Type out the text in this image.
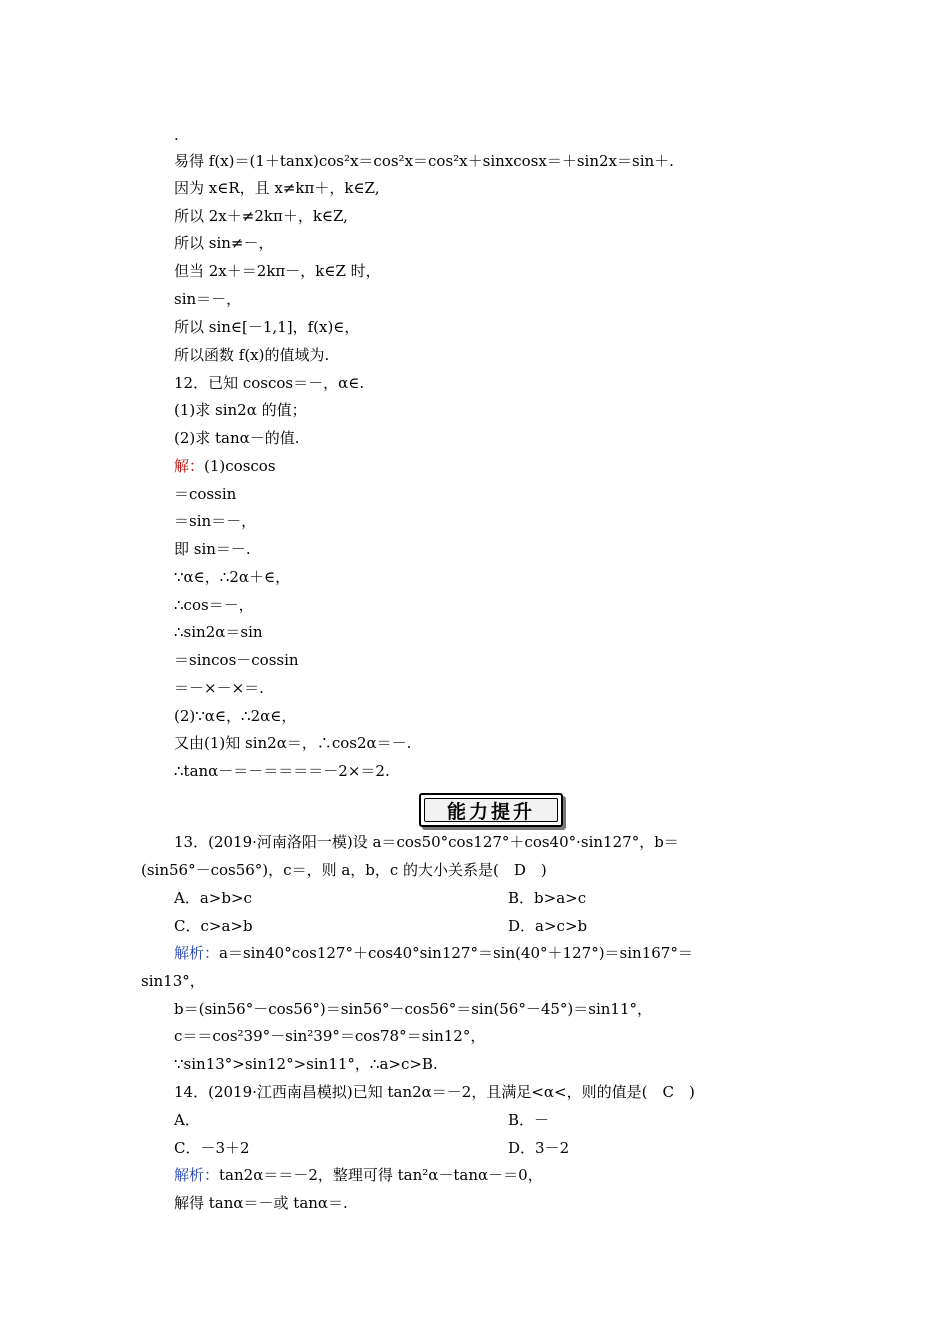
.
易得 f(x)＝(1＋tanx)cos²x＝cos²x＝cos²x＋sinxcosx＝＋sin2x＝sin＋.
因为 x∈R，且 x≠kπ＋，k∈Z,
所以 2x＋≠2kπ＋，k∈Z,
所以 sin≠－，
但当 2x＋＝2kπ－，k∈Z 时，
sin＝－，
所以 sin∈[－1,1]，f(x)∈，
所以函数 f(x)的值域为.
12．已知 coscos＝－，α∈.
(1)求 sin2α 的值；
(2)求 tanα－的值.
解：(1)coscos
＝cossin
＝sin＝－，
即 sin＝－.
∵α∈，∴2α＋∈，
∴cos＝－，
∴sin2α＝sin
＝sincos－cossin
＝－×－×＝.
(2)∵α∈，∴2α∈，
又由(1)知 sin2α＝，∴cos2α＝－.
∴tanα－＝－＝＝＝＝－2×＝2.
能力提升
13．(2019·河南洛阳一模)设 a＝cos50°cos127°＋cos40°·sin127°，b＝
(sin56°－cos56°)，c＝，则 a，b，c 的大小关系是(　D　)
A．a>b>c	B．b>a>c
C．c>a>b	D．a>c>b
解析：a＝sin40°cos127°＋cos40°sin127°＝sin(40°＋127°)＝sin167°＝
sin13°，
b＝(sin56°－cos56°)＝sin56°－cos56°＝sin(56°－45°)＝sin11°，
c＝＝cos²39°－sin²39°＝cos78°＝sin12°，
∵sin13°>sin12°>sin11°，∴a>c>B.
14．(2019·江西南昌模拟)已知 tan2α＝－2，且满足<α<，则的值是(　C　)
A．	B．－
C．－3＋2	D．3－2
解析：tan2α＝＝－2，整理可得 tan²α－tanα－＝0，
解得 tanα＝－或 tanα＝.
